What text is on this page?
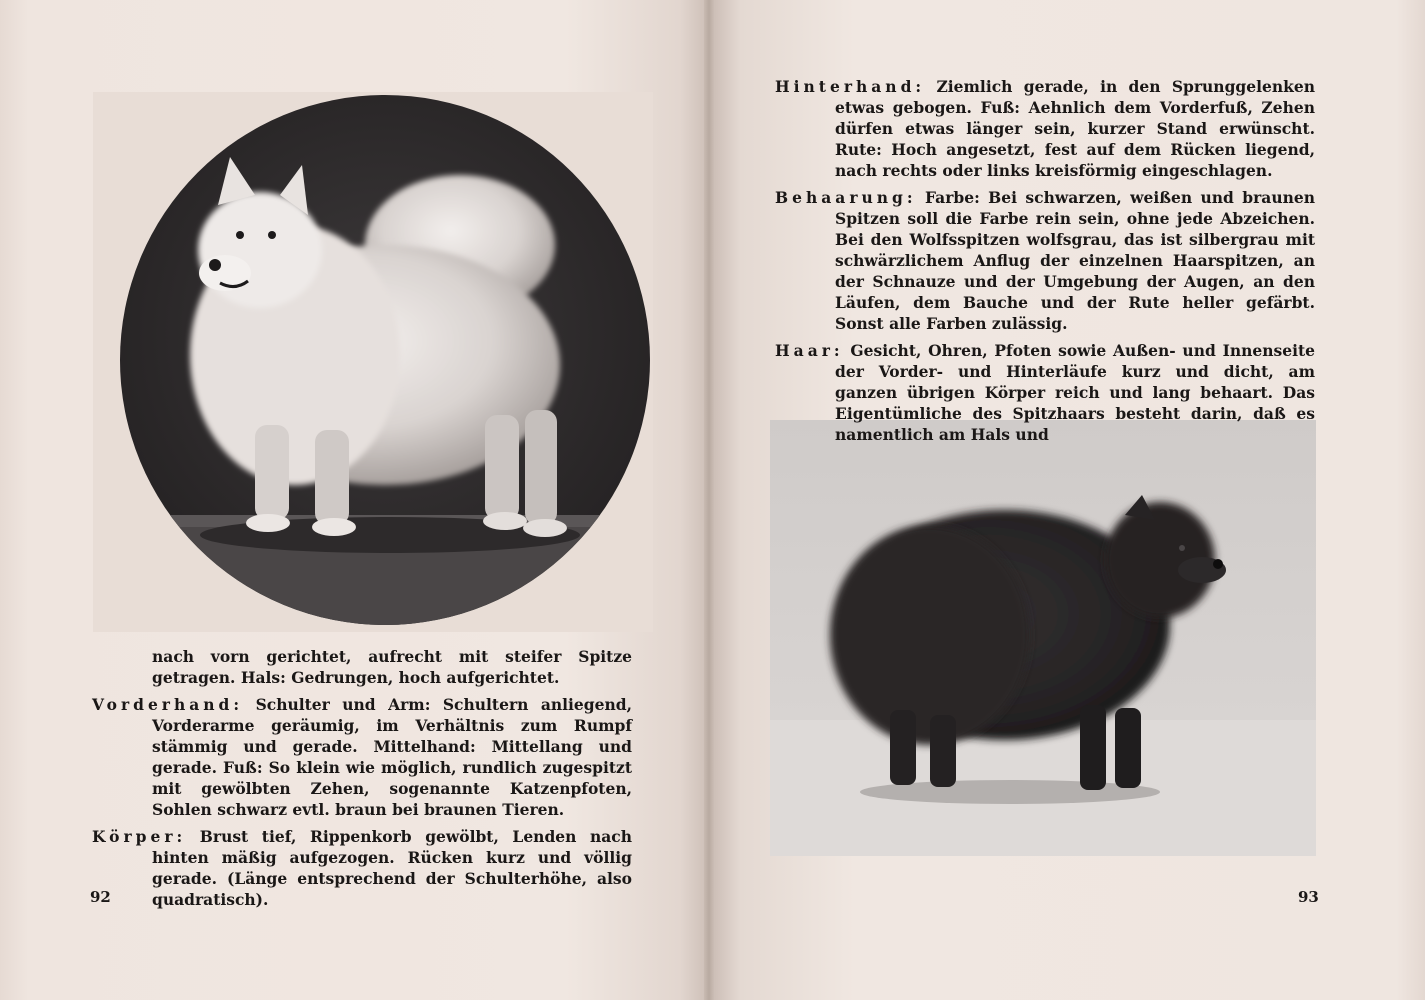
nach vorn gerichtet, aufrecht mit steifer Spitze getragen. Hals: Gedrungen, hoch aufgerichtet.

Vorderhand: Schulter und Arm: Schultern anliegend, Vorderarme geräumig, im Verhältnis zum Rumpf stämmig und gerade. Mittelhand: Mittellang und gerade. Fuß: So klein wie möglich, rundlich zugespitzt mit gewölbten Zehen, sogenannte Katzenpfoten, Sohlen schwarz evtl. braun bei braunen Tieren.

Körper: Brust tief, Rippenkorb gewölbt, Lenden nach hinten mäßig aufgezogen. Rücken kurz und völlig gerade. (Länge entsprechend der Schulterhöhe, also quadratisch).

92

Hinterhand: Ziemlich gerade, in den Sprunggelenken etwas gebogen. Fuß: Aehnlich dem Vorderfuß, Zehen dürfen etwas länger sein, kurzer Stand erwünscht. Rute: Hoch angesetzt, fest auf dem Rücken liegend, nach rechts oder links kreisförmig eingeschlagen.

Behaarung: Farbe: Bei schwarzen, weißen und braunen Spitzen soll die Farbe rein sein, ohne jede Abzeichen. Bei den Wolfsspitzen wolfsgrau, das ist silbergrau mit schwärzlichem Anflug der einzelnen Haarspitzen, an der Schnauze und der Umgebung der Augen, an den Läufen, dem Bauche und der Rute heller gefärbt. Sonst alle Farben zulässig.

Haar: Gesicht, Ohren, Pfoten sowie Außen- und Innenseite der Vorder- und Hinterläufe kurz und dicht, am ganzen übrigen Körper reich und lang behaart. Das Eigentümliche des Spitzhaars besteht darin, daß es namentlich am Hals und

93
